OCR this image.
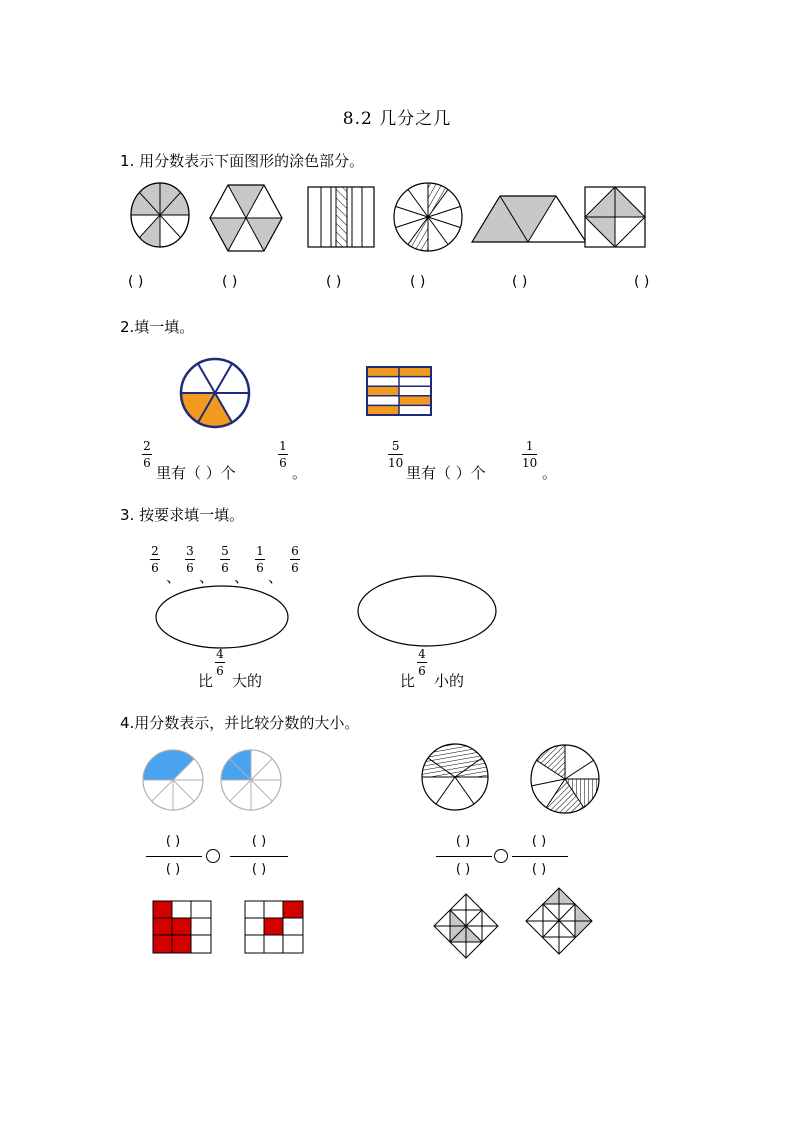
8.2 几分之几
1. 用分数表示下面图形的涂色部分。
( )	( )	( )	( )	( )	( )
2.填一填。
2
6
里有（ ）个
1
6
。
5
10
里有（ ）个
1
10
。
3. 按要求填一填。
2
6 、
3
6 、
5
6 、
1
6 、
6
6
比
4
6
大的	比
4
6
小的
4.用分数表示，并比较分数的大小。
( )
( )
( )
( )
( )
( )
( )
( )
